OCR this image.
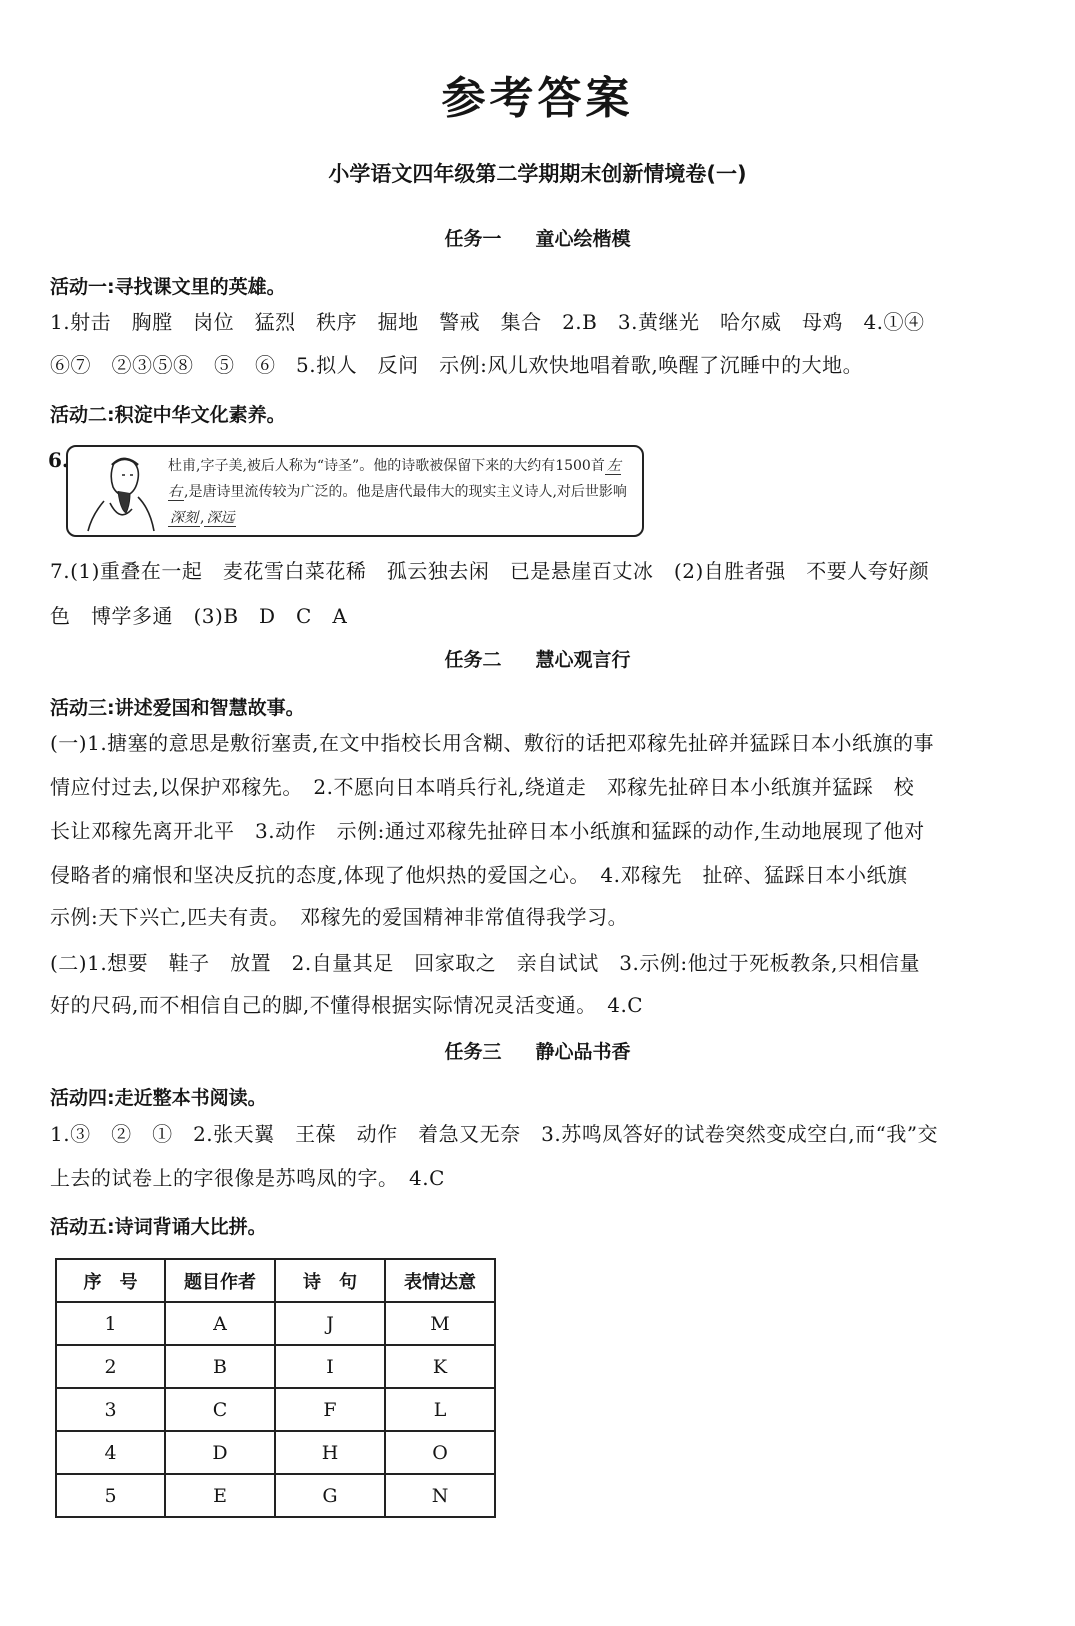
参考答案
小学语文四年级第二学期期末创新情境卷(一)
任务一 童心绘楷模
活动一:寻找课文里的英雄。
1.射击　胸膛　岗位　猛烈　秩序　掘地　警戒　集合　2.B　3.黄继光　哈尔威　母鸡　4.①④
⑥⑦　②③⑤⑧　⑤　⑥　5.拟人　反问　示例:风儿欢快地唱着歌,唤醒了沉睡中的大地。
活动二:积淀中华文化素养。
6.	杜甫,字子美,被后人称为“诗圣”。他的诗歌被保留下来的大约有1500首 左右 ,是唐诗里流传较为广泛的。他是唐代最伟大的现实主义诗人,对后世影响深刻 , 深远
7.(1)重叠在一起　麦花雪白菜花稀　孤云独去闲　已是悬崖百丈冰　(2)自胜者强　不要人夸好颜
色　博学多通　(3)B　D　C　A
任务二 慧心观言行
活动三:讲述爱国和智慧故事。
(一)1.搪塞的意思是敷衍塞责,在文中指校长用含糊、敷衍的话把邓稼先扯碎并猛踩日本小纸旗的事
情应付过去,以保护邓稼先。　2.不愿向日本哨兵行礼,绕道走　邓稼先扯碎日本小纸旗并猛踩　校
长让邓稼先离开北平　3.动作　示例:通过邓稼先扯碎日本小纸旗和猛踩的动作,生动地展现了他对
侵略者的痛恨和坚决反抗的态度,体现了他炽热的爱国之心。　4.邓稼先　扯碎、猛踩日本小纸旗
示例:天下兴亡,匹夫有责。　邓稼先的爱国精神非常值得我学习。
(二)1.想要　鞋子　放置　2.自量其足　回家取之　亲自试试　3.示例:他过于死板教条,只相信量
好的尺码,而不相信自己的脚,不懂得根据实际情况灵活变通。　4.C
任务三 静心品书香
活动四:走近整本书阅读。
1.③　②　①　2.张天翼　王葆　动作　着急又无奈　3.苏鸣凤答好的试卷突然变成空白,而“我”交
上去的试卷上的字很像是苏鸣凤的字。　4.C
活动五:诗词背诵大比拼。
序　号	题目作者	诗　句	表情达意
1	A	J	M
2	B	I	K
3	C	F	L
4	D	H	O
5	E	G	N
